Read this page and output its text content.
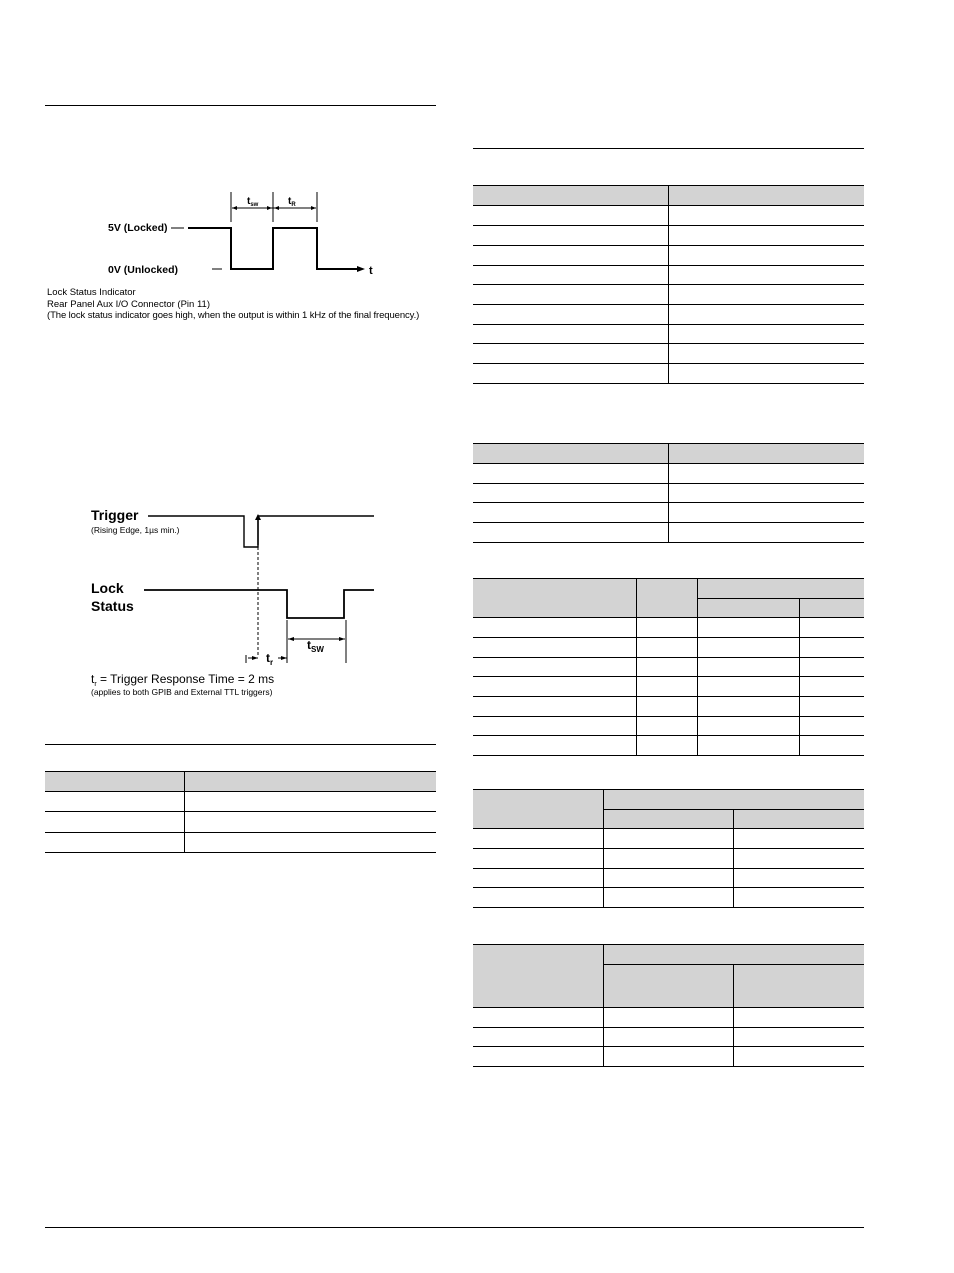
$t_{sw}$	$t_R$
5V (Locked)
0V (Unlocked)	t
Lock Status Indicator
Rear Panel Aux I/O Connector (Pin 11)
(The lock status indicator goes high, when the output is within 1 kHz of the final frequency.)
Trigger
(Rising Edge, 1µs min.)
Lock
Status
$t_{SW}$
$t_r$
$t_r$ = Trigger Response Time = 2 ms
(applies to both GPIB and External TTL triggers)
